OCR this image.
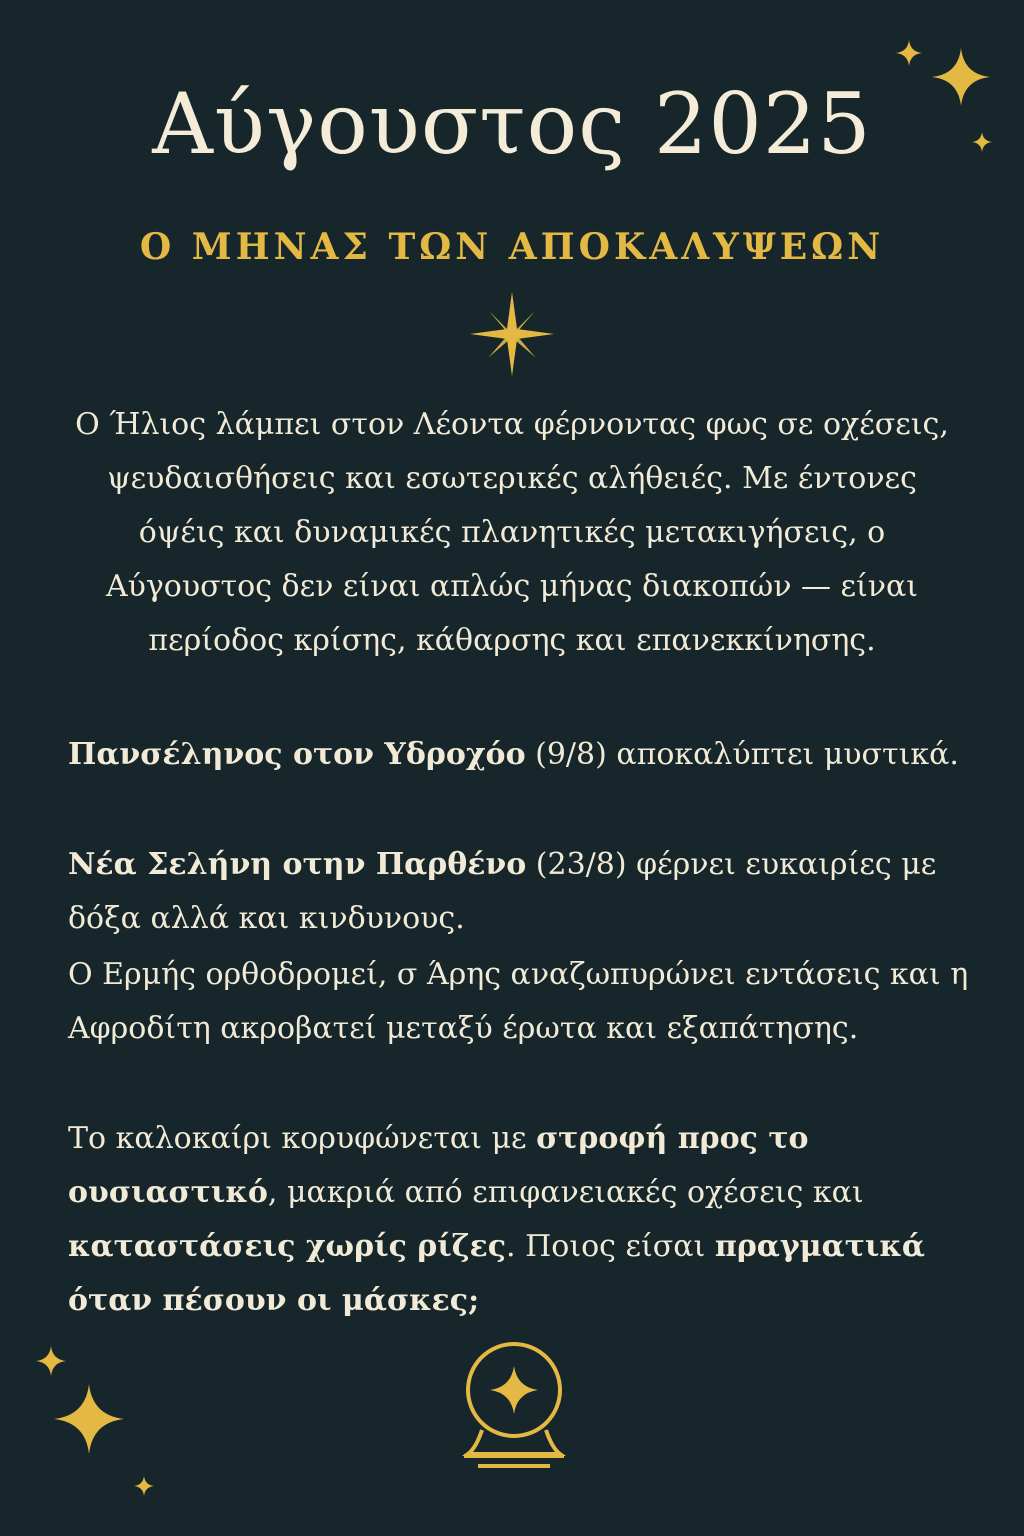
Αύγουστος 2025
Ο ΜΗΝΑΣ ΤΩΝ ΑΠΟΚΑΛΥΨΕΩΝ

Ο Ήλιος λάμπει στον Λέοντα φέρνοντας φως σε οχέσεις, ψευδαισθήσεις και εσωτερικές αλήθειές. Με έντονες όψέις και δυναμικές πλανητικές μετακιγήσεις, ο Αύγουστος δεν είναι απλώς μήνας διακοπών — είναι περίοδος κρίσης, κάθαρσης και επανεκκίνησης.

Πανσέληνος οτον Υδροχόο (9/8) αποκαλύπτει μυστικά.

Νέα Σελήνη οτην Παρθένο (23/8) φέρνει ευκαιρίες με δόξα αλλά και κινδυνους.

Ο Ερμής ορθοδρομεί, σ Άρης αναζωπυρώνει εντάσεις και η Αφροδίτη ακροβατεί μεταξύ έρωτα και εξαπάτησης.

Το καλοκαίρι κορυφώνεται με στροφή προς το ουσιαστικό, μακριά από επιφανειακές οχέσεις και καταστάσεις χωρίς ρίζες. Ποιος είσαι πραγματικά όταν πέσουν οι μάσκες;
